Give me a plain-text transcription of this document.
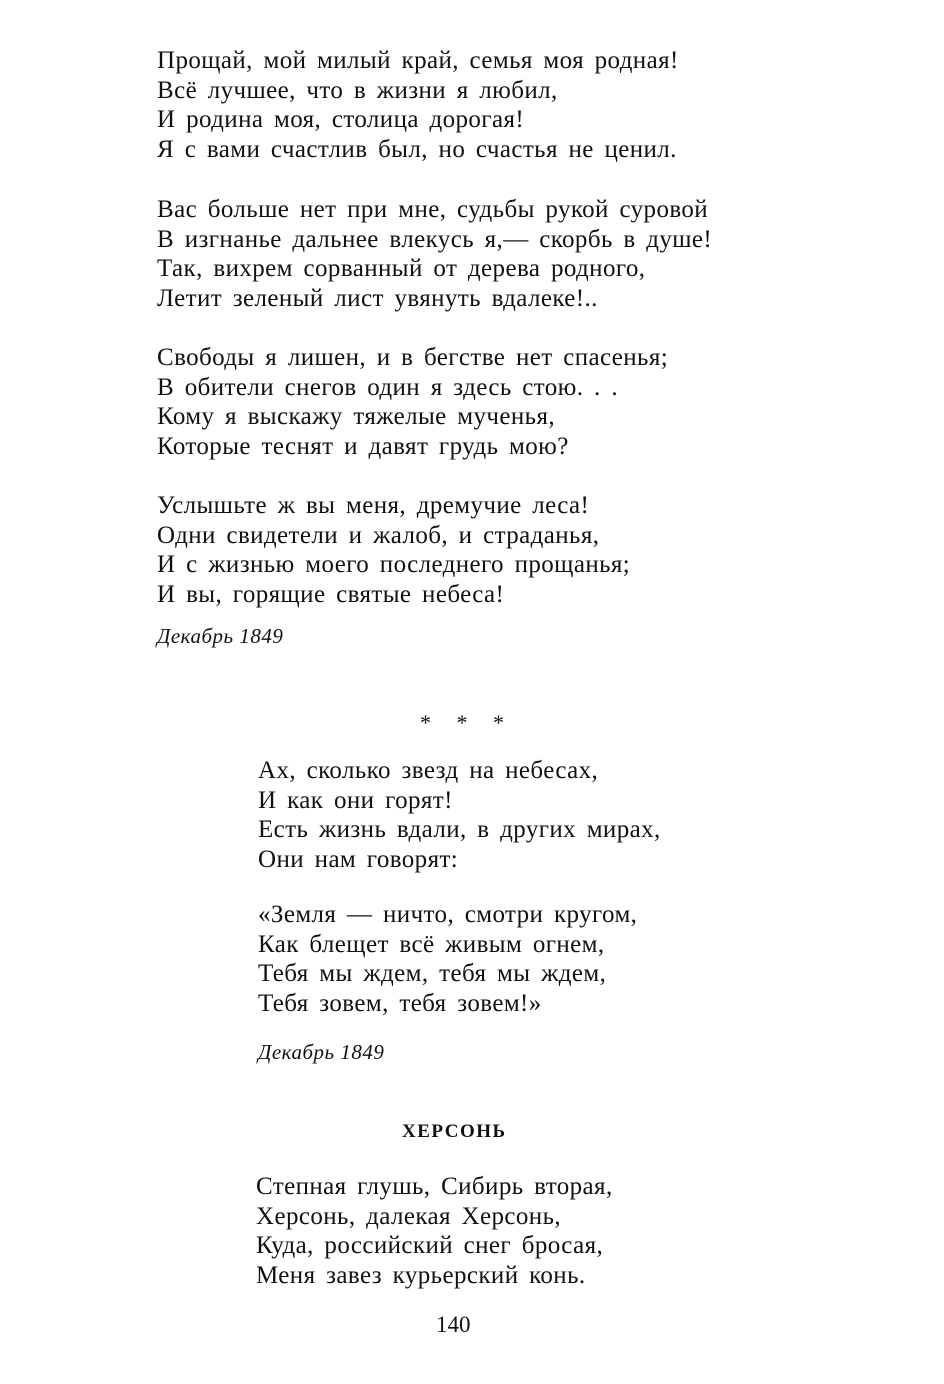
Прощай, мой милый край, семья моя родная!
Всё лучшее, что в жизни я любил,
И родина моя, столица дорогая!
Я с вами счастлив был, но счастья не ценил.
Вас больше нет при мне, судьбы рукой суровой
В изгнанье дальнее влекусь я,— скорбь в душе!
Так, вихрем сорванный от дерева родного,
Летит зеленый лист увянуть вдалеке!..
Свободы я лишен, и в бегстве нет спасенья;
В обители снегов один я здесь стою. . .
Кому я выскажу тяжелые мученья,
Которые теснят и давят грудь мою?
Услышьте ж вы меня, дремучие леса!
Одни свидетели и жалоб, и страданья,
И с жизнью моего последнего прощанья;
И вы, горящие святые небеса!
Декабрь 1849
* * *
Ах, сколько звезд на небесах,
И как они горят!
Есть жизнь вдали, в других мирах,
Они нам говорят:
«Земля — ничто, смотри кругом,
Как блещет всё живым огнем,
Тебя мы ждем, тебя мы ждем,
Тебя зовем, тебя зовем!»
Декабрь 1849
ХЕРСОНЬ
Степная глушь, Сибирь вторая,
Херсонь, далекая Херсонь,
Куда, российский снег бросая,
Меня завез курьерский конь.
140
